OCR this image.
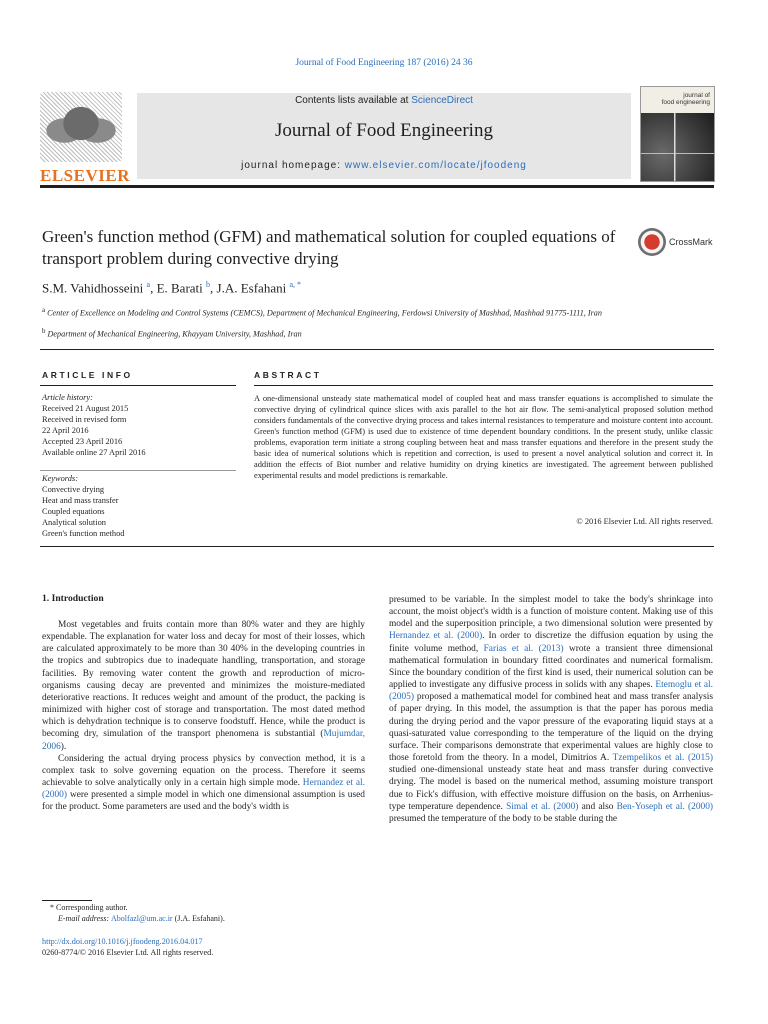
Journal of Food Engineering 187 (2016) 24 36
ELSEVIER
Contents lists available at ScienceDirect
Journal of Food Engineering
journal homepage: www.elsevier.com/locate/jfoodeng
journal of
food engineering
Green's function method (GFM) and mathematical solution for coupled equations of transport problem during convective drying
CrossMark
S.M. Vahidhosseini $^a$, E. Barati $^b$, J.A. Esfahani $^{a, *}$
$^a$ Center of Excellence on Modeling and Control Systems (CEMCS), Department of Mechanical Engineering, Ferdowsi University of Mashhad, Mashhad 91775-1111, Iran
$^b$ Department of Mechanical Engineering, Khayyam University, Mashhad, Iran
ARTICLE INFO	ABSTRACT
Article history:
Received 21 August 2015
Received in revised form
22 April 2016
Accepted 23 April 2016
Available online 27 April 2016
Keywords:
Convective drying
Heat and mass transfer
Coupled equations
Analytical solution
Green's function method
A one-dimensional unsteady state mathematical model of coupled heat and mass transfer equations is accomplished to simulate the convective drying of cylindrical quince slices with axis parallel to the hot air flow. The semi-analytical proposed solution method considers fundamentals of the convective drying process and takes internal resistances to temperature and moisture content into account. Green's function method (GFM) is used due to existence of time dependent boundary conditions. In the present study, unlike classic problems, evaporation term initiate a strong coupling between heat and mass transfer equations and therefore in the present study the basic idea of numerical solutions which is repetition and correction, is used to present a novel analytical solution and correct it. In addition the effects of Biot number and relative humidity on drying kinetics are investigated. The agreement between published experimental results and model predictions is remarkable.
© 2016 Elsevier Ltd. All rights reserved.
1. Introduction

Most vegetables and fruits contain more than 80% water and they are highly expendable. The explanation for water loss and decay for most of their losses, which are calculated approximately to be more than 30 40% in the developing countries in the tropics and subtropics due to inadequate handling, transportation, and storage facilities. By removing water content the growth and reproduction of micro-organisms causing decay are prevented and minimizes the moisture-mediated deteriorative reactions. It reduces weight and amount of the product, the packing is minimized with higher cost of storage and transportation. The most dated method which is dehydration technique is to conserve foodstuff. Hence, while the product is becoming dry, simulation of the transport phenomena is substantial (Mujumdar, 2006).

Considering the actual drying process physics by convection method, it is a complex task to solve governing equation on the process. Therefore it seems achievable to solve analytically only in a certain high simple mode. Hernandez et al. (2000) were presented a simple model in which one dimensional assumption is used for the product. Some parameters are used and the body's width is

presumed to be variable. In the simplest model to take the body's shrinkage into account, the moist object's width is a function of moisture content. Making use of this model and the superposition principle, a two dimensional solution were presented by Hernandez et al. (2000). In order to discretize the diffusion equation by using the finite volume method, Farias et al. (2013) wrote a transient three dimensional mathematical formulation in boundary fitted coordinates and numerical formalism. Since the boundary condition of the first kind is used, their numerical solution can be applied to investigate any diffusive process in solids with any shapes. Etemoglu et al. (2005) proposed a mathematical model for combined heat and mass transfer analysis of paper drying. In this model, the assumption is that the paper has porous media during the drying period and the vapor pressure of the evaporating liquid stays at a quasi-saturated value corresponding to the temperature of the liquid on the drying surface. Their comparisons demonstrate that experimental values are highly close to those foretold from the theory. In a model, Dimitrios A. Tzempelikos et al. (2015) studied one-dimensional unsteady state heat and mass transfer during convective drying. The model is based on the numerical method, assuming moisture transport due to Fick's diffusion, with effective moisture diffusion on the basis, on Arrhenius-type temperature dependence. Simal et al. (2000) and also Ben-Yoseph et al. (2000) presumed the temperature of the body to be stable during the

* Corresponding author.
E-mail address: Abolfazl@um.ac.ir (J.A. Esfahani).
http://dx.doi.org/10.1016/j.jfoodeng.2016.04.017
0260-8774/© 2016 Elsevier Ltd. All rights reserved.
